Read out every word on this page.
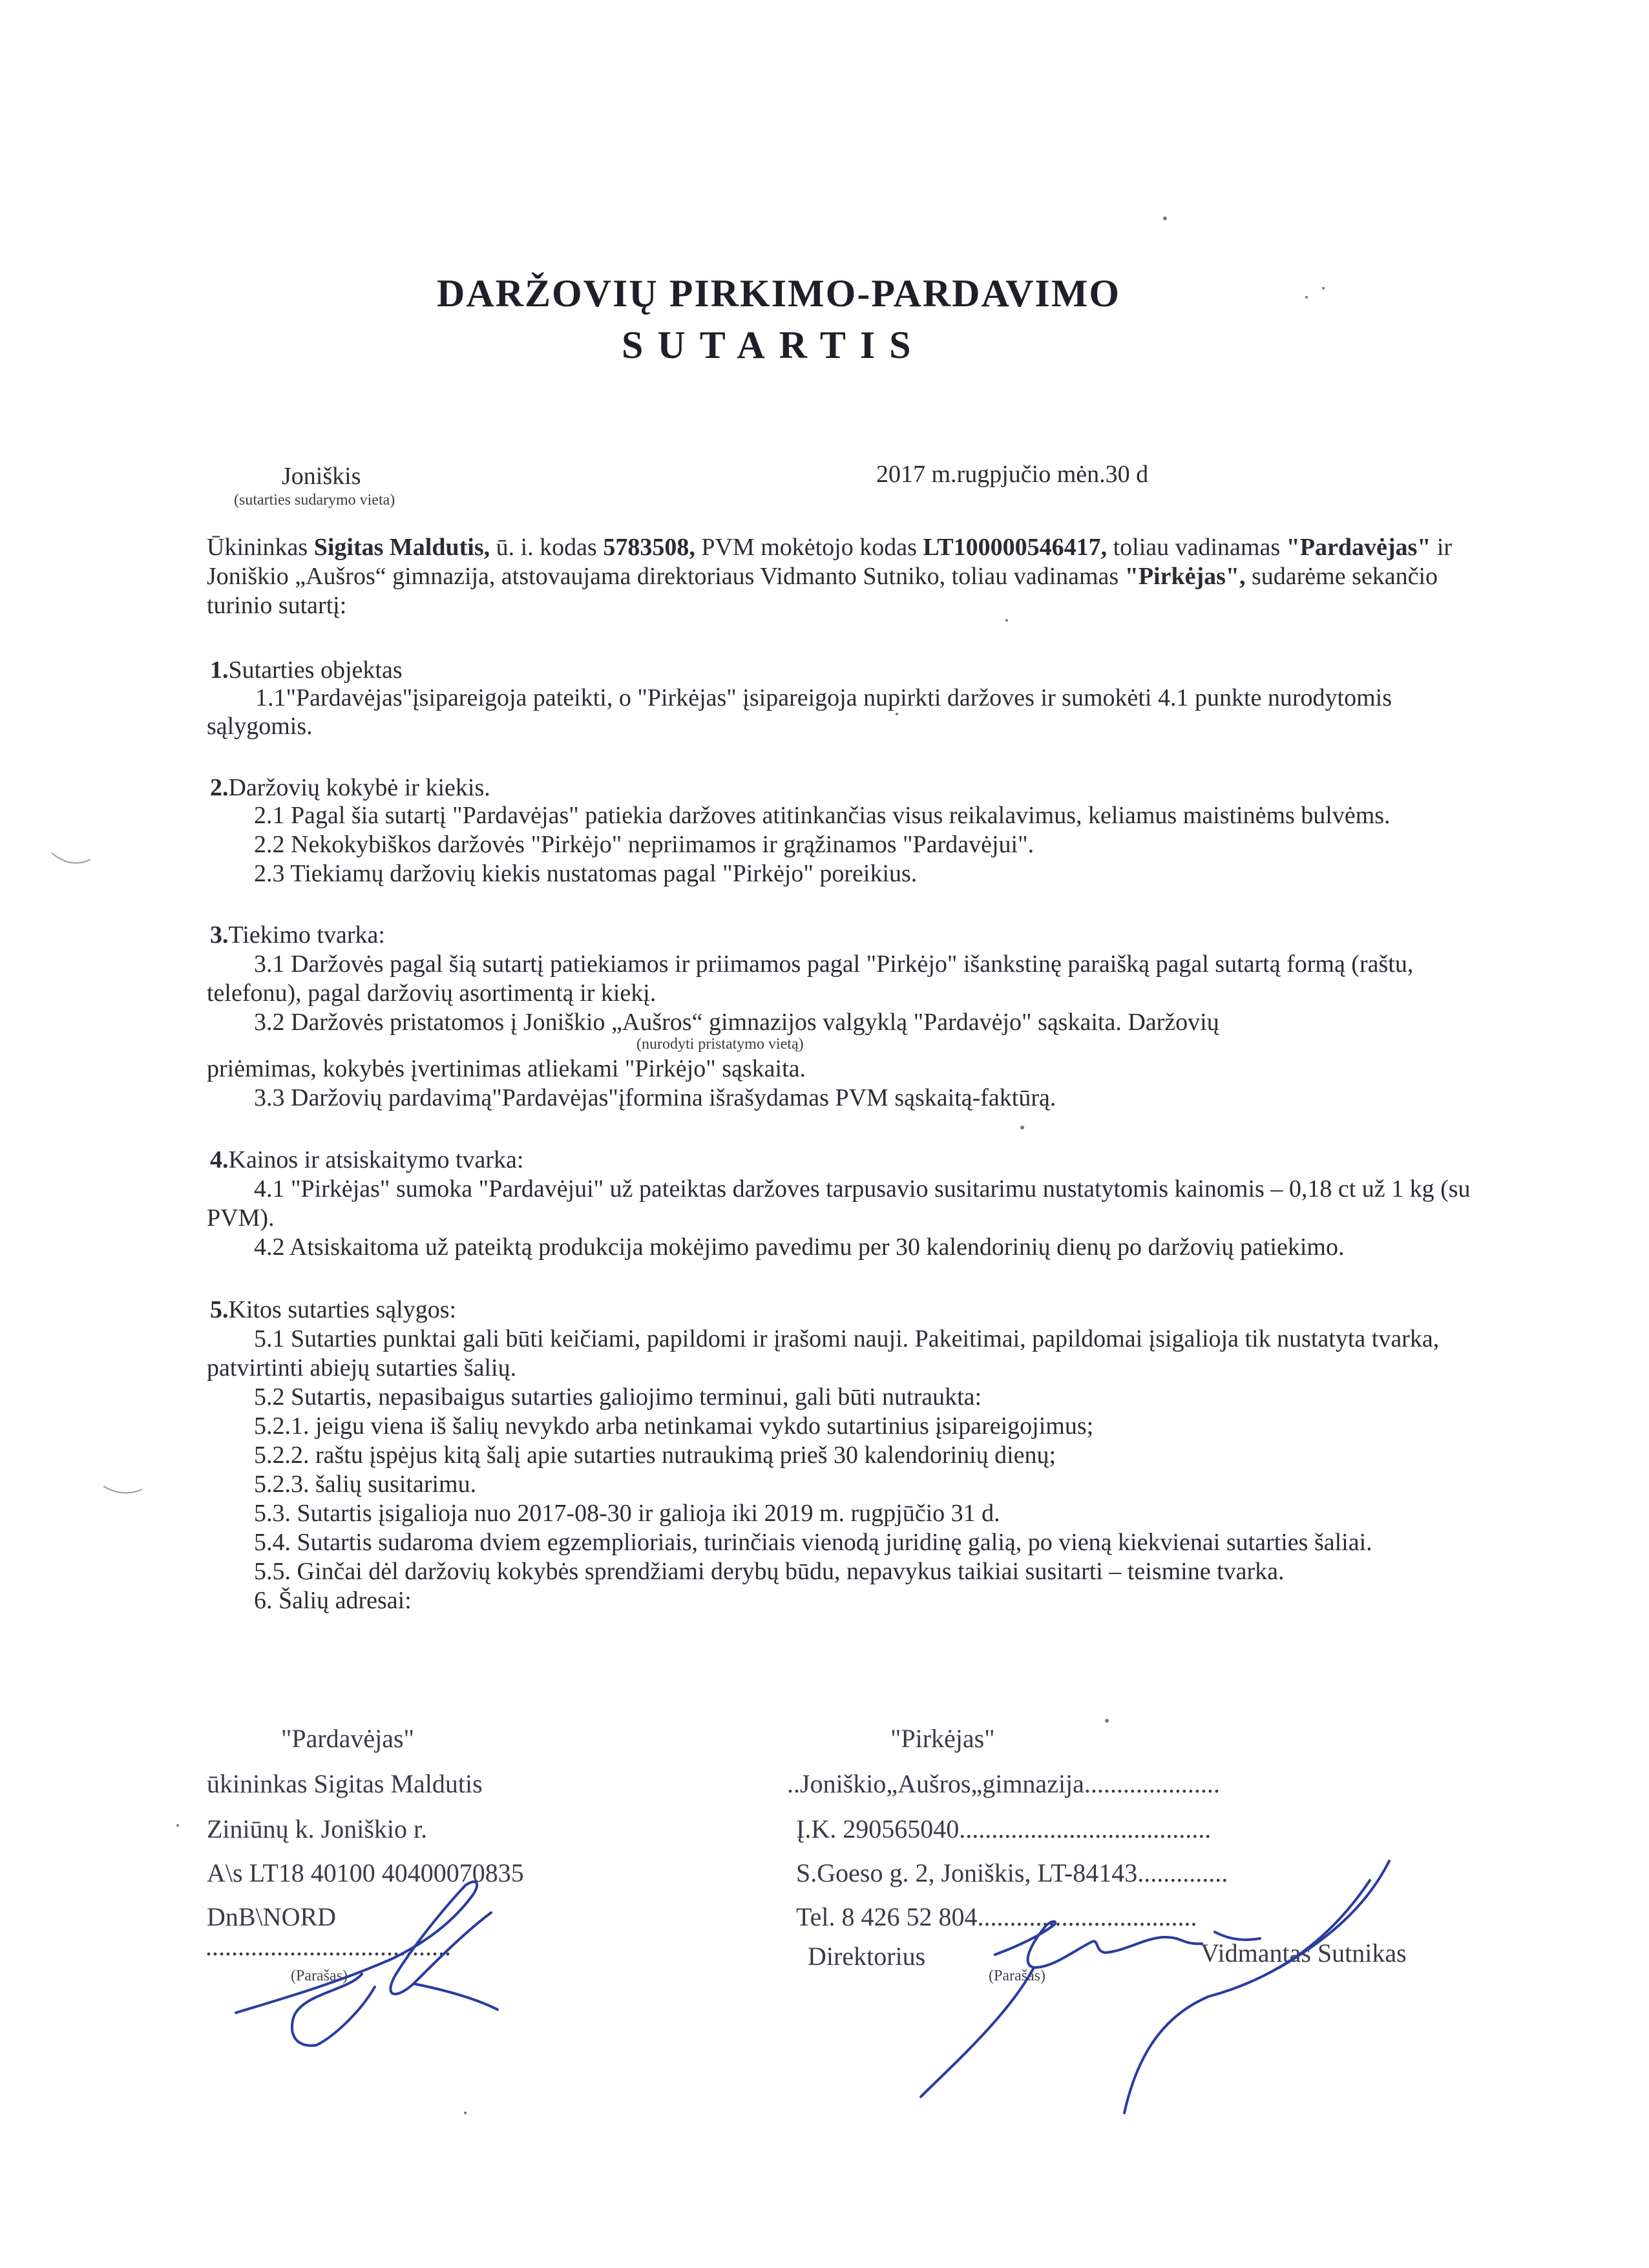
DARŽOVIŲ PIRKIMO-PARDAVIMO
SUTARTIS
Joniškis
(sutarties sudarymo vieta)
2017 m.rugpjučio mėn.30 d
Ūkininkas Sigitas Maldutis, ū. i. kodas 5783508, PVM mokėtojo kodas LT100000546417, toliau vadinamas "Pardavėjas" ir
Joniškio „Aušros“ gimnazija, atstovaujama direktoriaus Vidmanto Sutniko, toliau vadinamas "Pirkėjas", sudarėme sekančio
turinio sutartį:
1.Sutarties objektas
1.1"Pardavėjas"įsipareigoja pateikti, o "Pirkėjas" įsipareigoja nupirkti daržoves ir sumokėti 4.1 punkte nurodytomis
sąlygomis.
2.Daržovių kokybė ir kiekis.
2.1 Pagal šia sutartį "Pardavėjas" patiekia daržoves atitinkančias visus reikalavimus, keliamus maistinėms bulvėms.
2.2 Nekokybiškos daržovės "Pirkėjo" nepriimamos ir grąžinamos "Pardavėjui".
2.3 Tiekiamų daržovių kiekis nustatomas pagal "Pirkėjo" poreikius.
3.Tiekimo tvarka:
3.1 Daržovės pagal šią sutartį patiekiamos ir priimamos pagal "Pirkėjo" išankstinę paraišką pagal sutartą formą (raštu,
telefonu), pagal daržovių asortimentą ir kiekį.
3.2 Daržovės pristatomos į Joniškio „Aušros“ gimnazijos valgyklą "Pardavėjo" sąskaita. Daržovių
(nurodyti pristatymo vietą)
priėmimas, kokybės įvertinimas atliekami "Pirkėjo" sąskaita.
3.3 Daržovių pardavimą"Pardavėjas"įformina išrašydamas PVM sąskaitą-faktūrą.
4.Kainos ir atsiskaitymo tvarka:
4.1 "Pirkėjas" sumoka "Pardavėjui" už pateiktas daržoves tarpusavio susitarimu nustatytomis kainomis – 0,18 ct už 1 kg (su
PVM).
4.2 Atsiskaitoma už pateiktą produkcija mokėjimo pavedimu per 30 kalendorinių dienų po daržovių patiekimo.
5.Kitos sutarties sąlygos:
5.1 Sutarties punktai gali būti keičiami, papildomi ir įrašomi nauji. Pakeitimai, papildomai įsigalioja tik nustatyta tvarka,
patvirtinti abiejų sutarties šalių.
5.2 Sutartis, nepasibaigus sutarties galiojimo terminui, gali būti nutraukta:
5.2.1. jeigu viena iš šalių nevykdo arba netinkamai vykdo sutartinius įsipareigojimus;
5.2.2. raštu įspėjus kitą šalį apie sutarties nutraukimą prieš 30 kalendorinių dienų;
5.2.3. šalių susitarimu.
5.3. Sutartis įsigalioja nuo 2017-08-30 ir galioja iki 2019 m. rugpjūčio 31 d.
5.4. Sutartis sudaroma dviem egzemplioriais, turinčiais vienodą juridinę galią, po vieną kiekvienai sutarties šaliai.
5.5. Ginčai dėl daržovių kokybės sprendžiami derybų būdu, nepavykus taikiai susitarti – teismine tvarka.
6. Šalių adresai:
"Pardavėjas"
ūkininkas Sigitas Maldutis
Ziniūnų k. Joniškio r.
A\s LT18 40100 40400070835
DnB\NORD
......................................
(Parašas)
"Pirkėjas"
..Joniškio„Aušros„gimnazija.....................
Į.K. 290565040.......................................
S.Goeso g. 2, Joniškis, LT-84143..............
Tel. 8 426 52 804..................................
Direktorius	Vidmantas Sutnikas
(Parašas)
